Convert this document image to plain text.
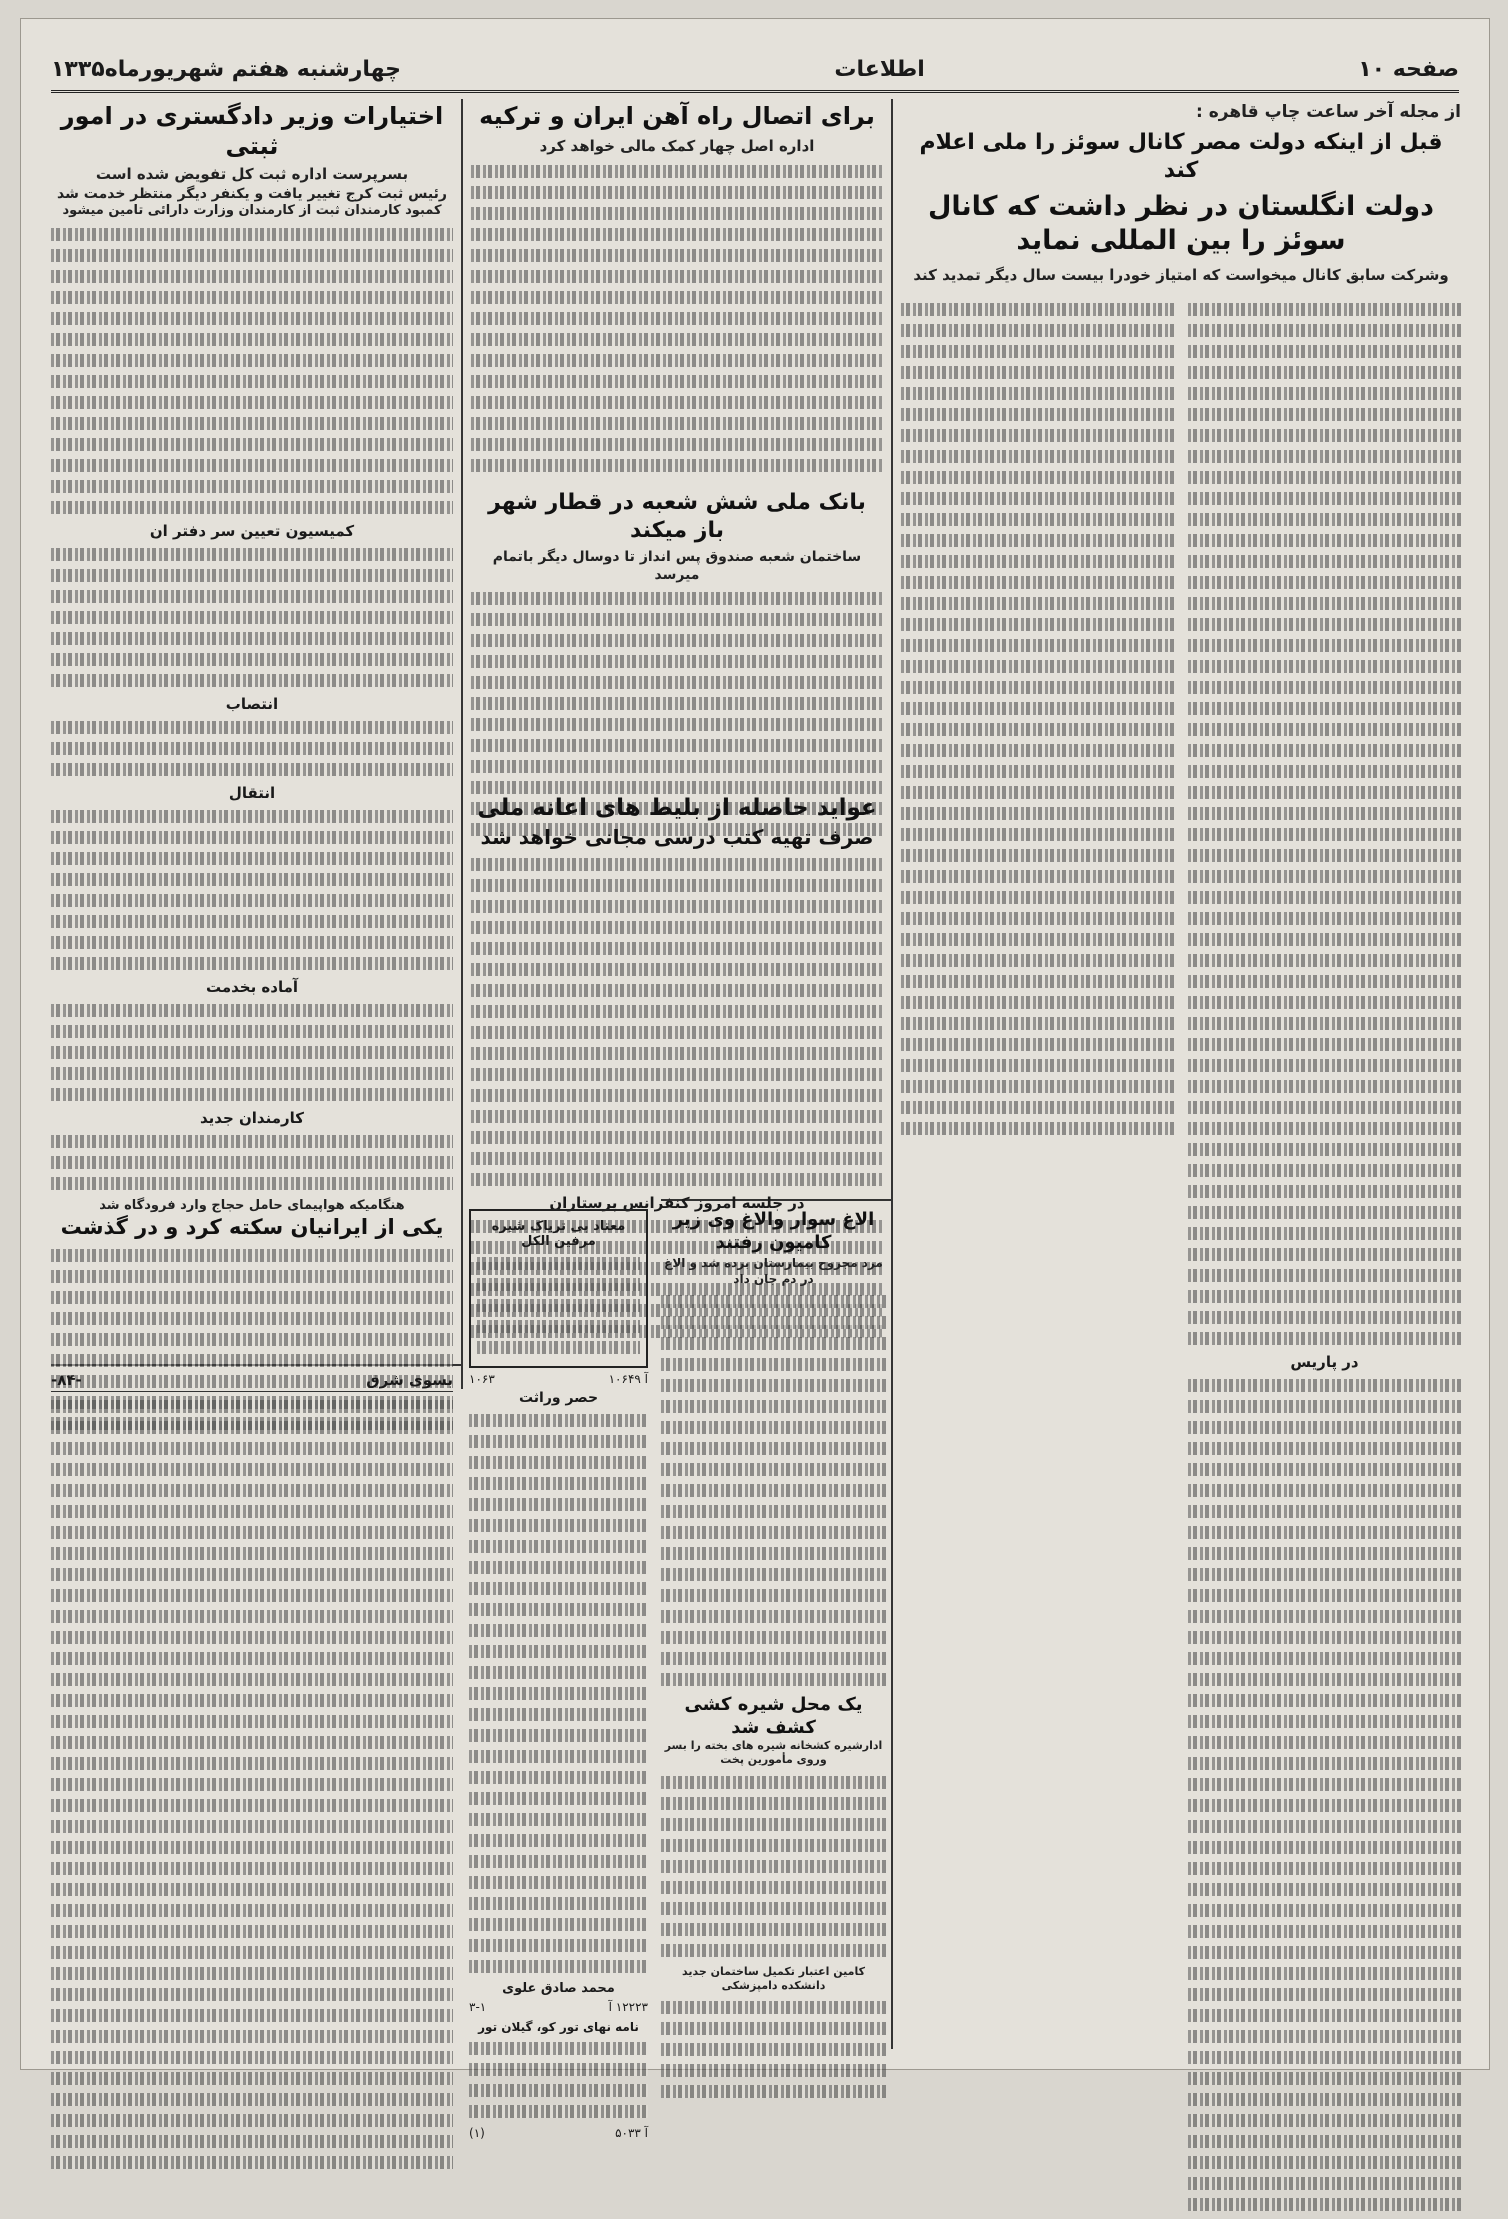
صفحه ۱۰
اطلاعات
چهارشنبه هفتم شهریورماه۱۳۳۵
از مجله آخر ساعت چاپ قاهره :
قبل از اینکه دولت مصر کانال سوئز را ملی اعلام کند
دولت انگلستان در نظر داشت که کانال سوئز را بین المللی نماید
وشرکت سابق کانال میخواست که امتیاز خودرا بیست سال دیگر تمدید کند
در پاریس
برای اتصال راه آهن ایران و ترکیه
اداره اصل چهار کمک مالی خواهد کرد
بانک ملی شش شعبه در قطار شهر باز میکند
ساختمان شعبه صندوق پس انداز تا دوسال دیگر باتمام میرسد
عواید حاصله از بلیط های اعانه ملی
صرف تهیه کتب درسی مجانی خواهد شد
در جلسه امروز کنفرانس پرستاران
اختیارات وزیر دادگستری در امور ثبتی
بسرپرست اداره ثبت کل تفویض شده است
رئیس ثبت کرج تغییر یافت و یکنفر دیگر منتظر خدمت شد
کمبود کارمندان ثبت از کارمندان وزارت دارائی تامین میشود
کمیسیون تعیین سر دفتر ان
انتصاب
انتقال
آماده بخدمت
کارمندان جدید
هنگامیکه هواپیمای حامل حجاج وارد فرودگاه شد
یکی از ایرانیان سکته کرد و در گذشت
بسوی شرق
-۸۴-
معتاد بی تریاک شیره مرفین الکل
آ ۱۰۶۴۹
۱۰۶۳
حصر وراثت
محمد صادق علوی
۱۲۲۲۳ آ
۳-۱
نامه نهای تور کو، گیلان تور
آ ۵۰۳۳
(۱)
الاغ سوار والاغ وی زیر کامیون رفتند
مرد مجروح بیمارستان برده شد و الاغ در دم جان داد
یک محل شیره کشی کشف شد
ادارشیره کشخانه شیره های بخته را بسر وروی مأمورین پخت
کامین اعتبار تکمیل ساختمان جدید دانشکده دامپزشکی
